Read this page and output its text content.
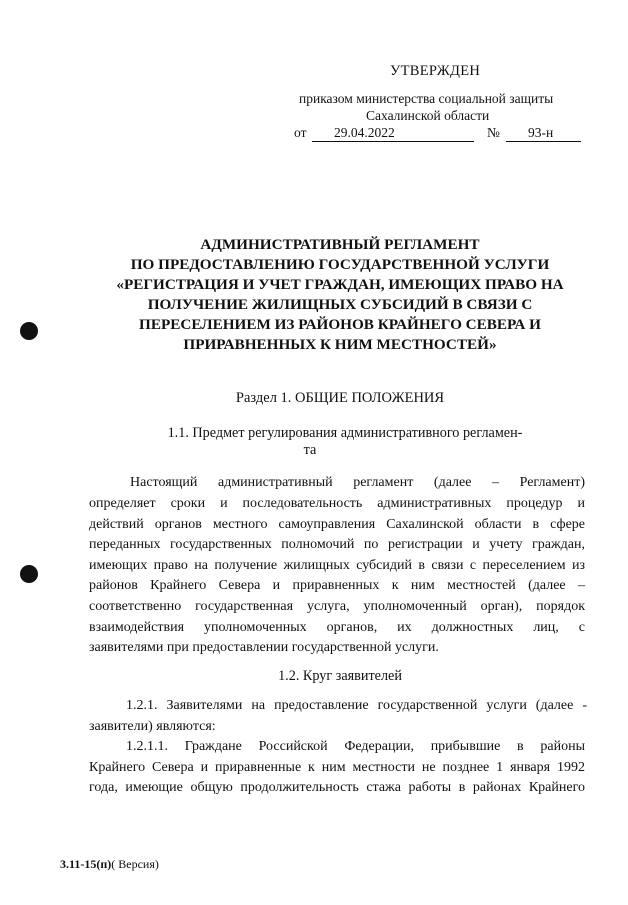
УТВЕРЖДЕН
приказом министерства социальной защиты
Сахалинской области
от	29.04.2022	№	93-н
АДМИНИСТРАТИВНЫЙ РЕГЛАМЕНТ
ПО ПРЕДОСТАВЛЕНИЮ ГОСУДАРСТВЕННОЙ УСЛУГИ
«РЕГИСТРАЦИЯ И УЧЕТ ГРАЖДАН, ИМЕЮЩИХ ПРАВО НА
ПОЛУЧЕНИЕ ЖИЛИЩНЫХ СУБСИДИЙ В СВЯЗИ С
ПЕРЕСЕЛЕНИЕМ ИЗ РАЙОНОВ КРАЙНЕГО СЕВЕРА И
ПРИРАВНЕННЫХ К НИМ МЕСТНОСТЕЙ»
Раздел 1. ОБЩИЕ ПОЛОЖЕНИЯ
1.1. Предмет регулирования административного регламен-
та
Настоящий административный регламент (далее – Регламент)
определяет сроки и последовательность административных процедур и
действий органов местного самоуправления Сахалинской области в сфере
переданных государственных полномочий по регистрации и учету граждан,
имеющих право на получение жилищных субсидий в связи с переселением из
районов Крайнего Севера и приравненных к ним местностей (далее –
соответственно государственная услуга, уполномоченный орган), порядок
взаимодействия уполномоченных органов, их должностных лиц, с
заявителями при предоставлении государственной услуги.
1.2. Круг заявителей
1.2.1. Заявителями на предоставление государственной услуги (далее -
заявители) являются:
1.2.1.1. Граждане Российской Федерации, прибывшие в районы
Крайнего Севера и приравненные к ним местности не позднее 1 января 1992
года, имеющие общую продолжительность стажа работы в районах Крайнего
3.11-15(п)( Версия)
